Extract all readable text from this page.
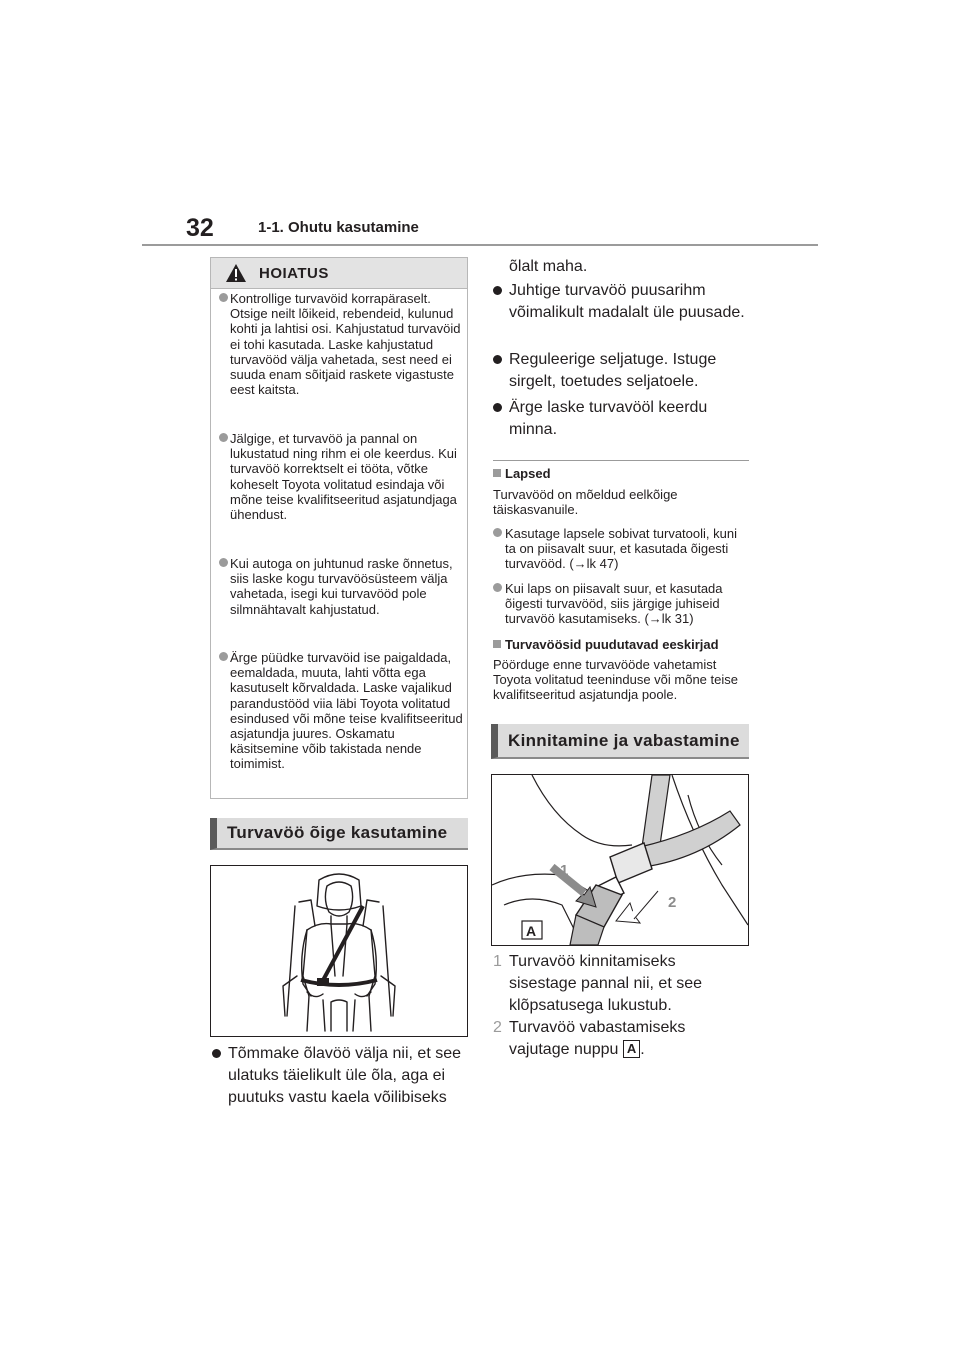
32	1-1. Ohutu kasutamine
HOIATUS
Kontrollige turvavöid korrapäraselt. Otsige neilt lõikeid, rebendeid, kulunud kohti ja lahtisi osi. Kahjustatud turvavöid ei tohi kasutada. Laske kahjustatud turvavööd välja vahetada, sest need ei suuda enam sõitjaid raskete vigastuste eest kaitsta.
Jälgige, et turvavöö ja pannal on lukustatud ning rihm ei ole keerdus. Kui turvavöö korrektselt ei tööta, võtke koheselt Toyota volitatud esindaja või mõne teise kvalifitseeritud asjatundjaga ühendust.
Kui autoga on juhtunud raske õnnetus, siis laske kogu turvavöösüsteem välja vahetada, isegi kui turvavööd pole silmnähtavalt kahjustatud.
Ärge püüdke turvavöid ise paigaldada, eemaldada, muuta, lahti võtta ega kasutuselt kõrvaldada. Laske vajalikud parandustööd viia läbi Toyota volitatud esindused või mõne teise kvalifitseeritud asjatundja juures. Oskamatu käsitsemine võib takistada nende toimimist.
Turvavöö õige kasutamine
Tõmmake õlavöö välja nii, et see
ulatuks täielikult üle õla, aga ei
puutuks vastu kaela võilibiseks
õlalt maha.
Juhtige turvavöö puusarihm võimalikult madalalt üle puusade.
Reguleerige seljatuge. Istuge sirgelt, toetudes seljatoele.
Ärge laske turvavööl keerdu minna.
Lapsed
Turvavööd on mõeldud eelkõige täiskasvanuile.
Kasutage lapsele sobivat turvatooli, kuni ta on piisavalt suur, et kasutada õigesti turvavööd. (→lk 47)
Kui laps on piisavalt suur, et kasutada õigesti turvavööd, siis järgige juhiseid turvavöö kasutamiseks. (→lk 31)
Turvavöösid puudutavad eeskirjad
Pöörduge enne turvavööde vahetamist Toyota volitatud teeninduse või mõne teise kvalifitseeritud asjatundja poole.
Kinnitamine ja vabastamine
1
2
A
1 Turvavöö kinnitamiseks sisestage pannal nii, et see klõpsatusega lukustub.
2 Turvavöö vabastamiseks vajutage nuppu A .
